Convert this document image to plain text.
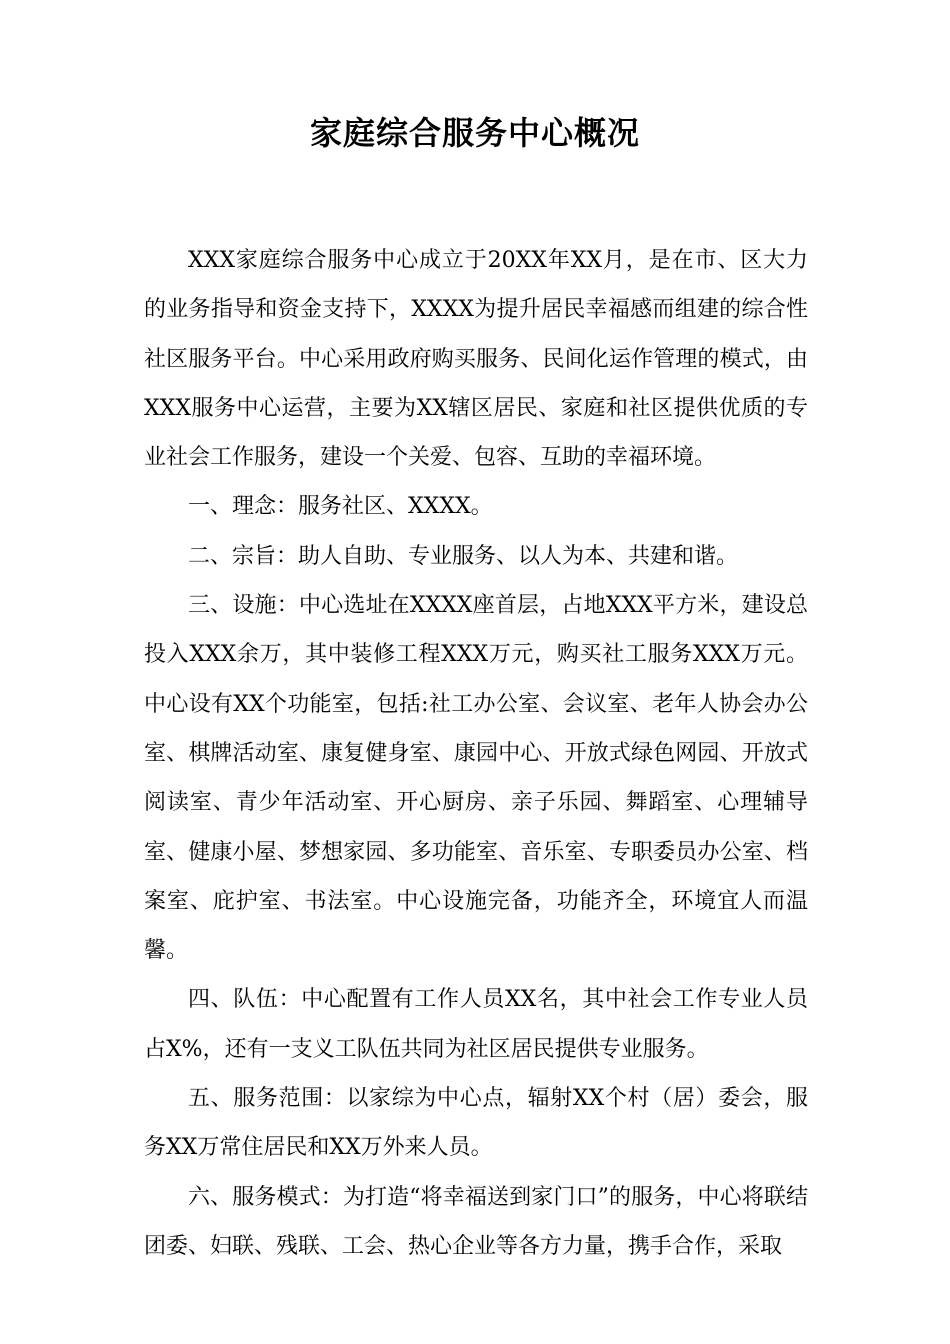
家庭综合服务中心概况

XXX家庭综合服务中心成立于20XX年XX月，是在市、区大力的业务指导和资金支持下，XXXX为提升居民幸福感而组建的综合性社区服务平台。中心采用政府购买服务、民间化运作管理的模式，由XXX服务中心运营，主要为XX辖区居民、家庭和社区提供优质的专业社会工作服务，建设一个关爱、包容、互助的幸福环境。

一、理念：服务社区、XXXX。

二、宗旨：助人自助、专业服务、以人为本、共建和谐。

三、设施：中心选址在XXXX座首层，占地XXX平方米，建设总投入XXX余万，其中装修工程XXX万元，购买社工服务XXX万元。中心设有XX个功能室，包括:社工办公室、会议室、老年人协会办公室、棋牌活动室、康复健身室、康园中心、开放式绿色网园、开放式阅读室、青少年活动室、开心厨房、亲子乐园、舞蹈室、心理辅导室、健康小屋、梦想家园、多功能室、音乐室、专职委员办公室、档案室、庇护室、书法室。中心设施完备，功能齐全，环境宜人而温馨。

四、队伍：中心配置有工作人员XX名，其中社会工作专业人员占X%，还有一支义工队伍共同为社区居民提供专业服务。

五、服务范围：以家综为中心点，辐射XX个村（居）委会，服务XX万常住居民和XX万外来人员。

六、服务模式：为打造“将幸福送到家门口”的服务，中心将联结团委、妇联、残联、工会、热心企业等各方力量，携手合作，采取
